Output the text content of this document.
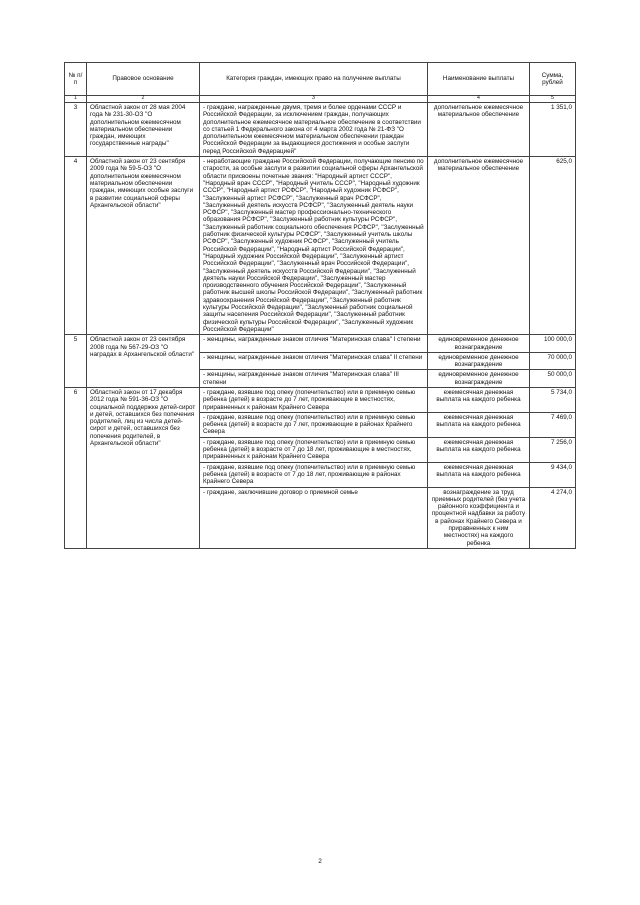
№ п/п	Правовое основание	Категория граждан, имеющих право на получение выплаты	Наименование выплаты	Сумма, рублей
1	2	3	4	5
3	Областной закон от 28 мая 2004 года № 231-30-ОЗ "О дополнительном ежемесячном материальном обеспечении граждан, имеющих государственные награды"	- граждане, награжденные двумя, тремя и более орденами СССР и Российской Федерации, за исключением граждан, получающих дополнительное ежемесячное материальное обеспечение в соответствии со статьей 1 Федерального закона от 4 марта 2002 года № 21-ФЗ "О дополнительном ежемесячном материальном обеспечении граждан Российской Федерации за выдающиеся достижения и особые заслуги перед Российской Федерацией"	дополнительное ежемесячное материальное обеспечение	1 351,0
4	Областной закон от 23 сентября 2009 года № 59-5-ОЗ "О дополнительном ежемесячном материальном обеспечении граждан, имеющих особые заслуги в развитии социальной сферы Архангельской области"	- неработающие граждане Российской Федерации, получающие пенсию по старости, за особые заслуги в развитии социальной сферы Архангельской области присвоены почетные звания: "Народный артист СССР", "Народный врач СССР", "Народный учитель СССР", "Народный художник СССР", "Народный артист РСФСР", "Народный художник РСФСР", "Заслуженный артист РСФСР", "Заслуженный врач РСФСР", "Заслуженный деятель искусств РСФСР", "Заслуженный деятель науки РСФСР", "Заслуженный мастер профессионально-технического образования РСФСР", "Заслуженный работник культуры РСФСР", "Заслуженный работник социального обеспечения РСФСР", "Заслуженный работник физической культуры РСФСР", "Заслуженный учитель школы РСФСР", "Заслуженный художник РСФСР", "Заслуженный учитель Российской Федерации", "Народный артист Российской Федерации", "Народный художник Российской Федерации", "Заслуженный артист Российской Федерации", "Заслуженный врач Российской Федерации", "Заслуженный деятель искусств Российской Федерации", "Заслуженный деятель науки Российской Федерации", "Заслуженный мастер производственного обучения Российской Федерации", "Заслуженный работник высшей школы Российской Федерации", "Заслуженный работник здравоохранения Российской Федерации", "Заслуженный работник культуры Российской Федерации", "Заслуженный работник социальной защиты населения Российской Федерации", "Заслуженный работник физической культуры Российской Федерации", "Заслуженный художник Российской Федерации"	дополнительное ежемесячное материальное обеспечение	625,0
5	Областной закон от 23 сентября 2008 года № 567-29-ОЗ "О наградах в Архангельской области"	- женщины, награжденные знаком отличия "Материнская слава" I степени	единовременное денежное вознаграждение	100 000,0
		- женщины, награжденные знаком отличия "Материнская слава" II степени	единовременное денежное вознаграждение	70 000,0
		- женщины, награжденные знаком отличия "Материнская слава" III степени	единовременное денежное вознаграждение	50 000,0
6	Областной закон от 17 декабря 2012 года № 591-36-ОЗ "О социальной поддержке детей-сирот и детей, оставшихся без попечения родителей, лиц из числа детей-сирот и детей, оставшихся без попечения родителей, в Архангельской области"	- граждане, взявшие под опеку (попечительство) или в приемную семью ребенка (детей) в возрасте до 7 лет, проживающие в местностях, приравненных к районам Крайнего Севера	ежемесячная денежная выплата на каждого ребенка	5 734,0
		- граждане, взявшие под опеку (попечительство) или в приемную семью ребенка (детей) в возрасте до 7 лет, проживающие в районах Крайнего Севера	ежемесячная денежная выплата на каждого ребенка	7 469,0
		- граждане, взявшие под опеку (попечительство) или в приемную семью ребенка (детей) в возрасте от 7 до 18 лет, проживающие в местностях, приравненных к районам Крайнего Севера	ежемесячная денежная выплата на каждого ребенка	7 256,0
		- граждане, взявшие под опеку (попечительство) или в приемную семью ребенка (детей) в возрасте от 7 до 18 лет, проживающие в районах Крайнего Севера	ежемесячная денежная выплата на каждого ребенка	9 434,0
		- граждане, заключившие договор о приемной семье	вознаграждение за труд приемных родителей (без учета районного коэффициента и процентной надбавки за работу в районах Крайнего Севера и приравненных к ним местностях) на каждого ребенка	4 274,0
2
